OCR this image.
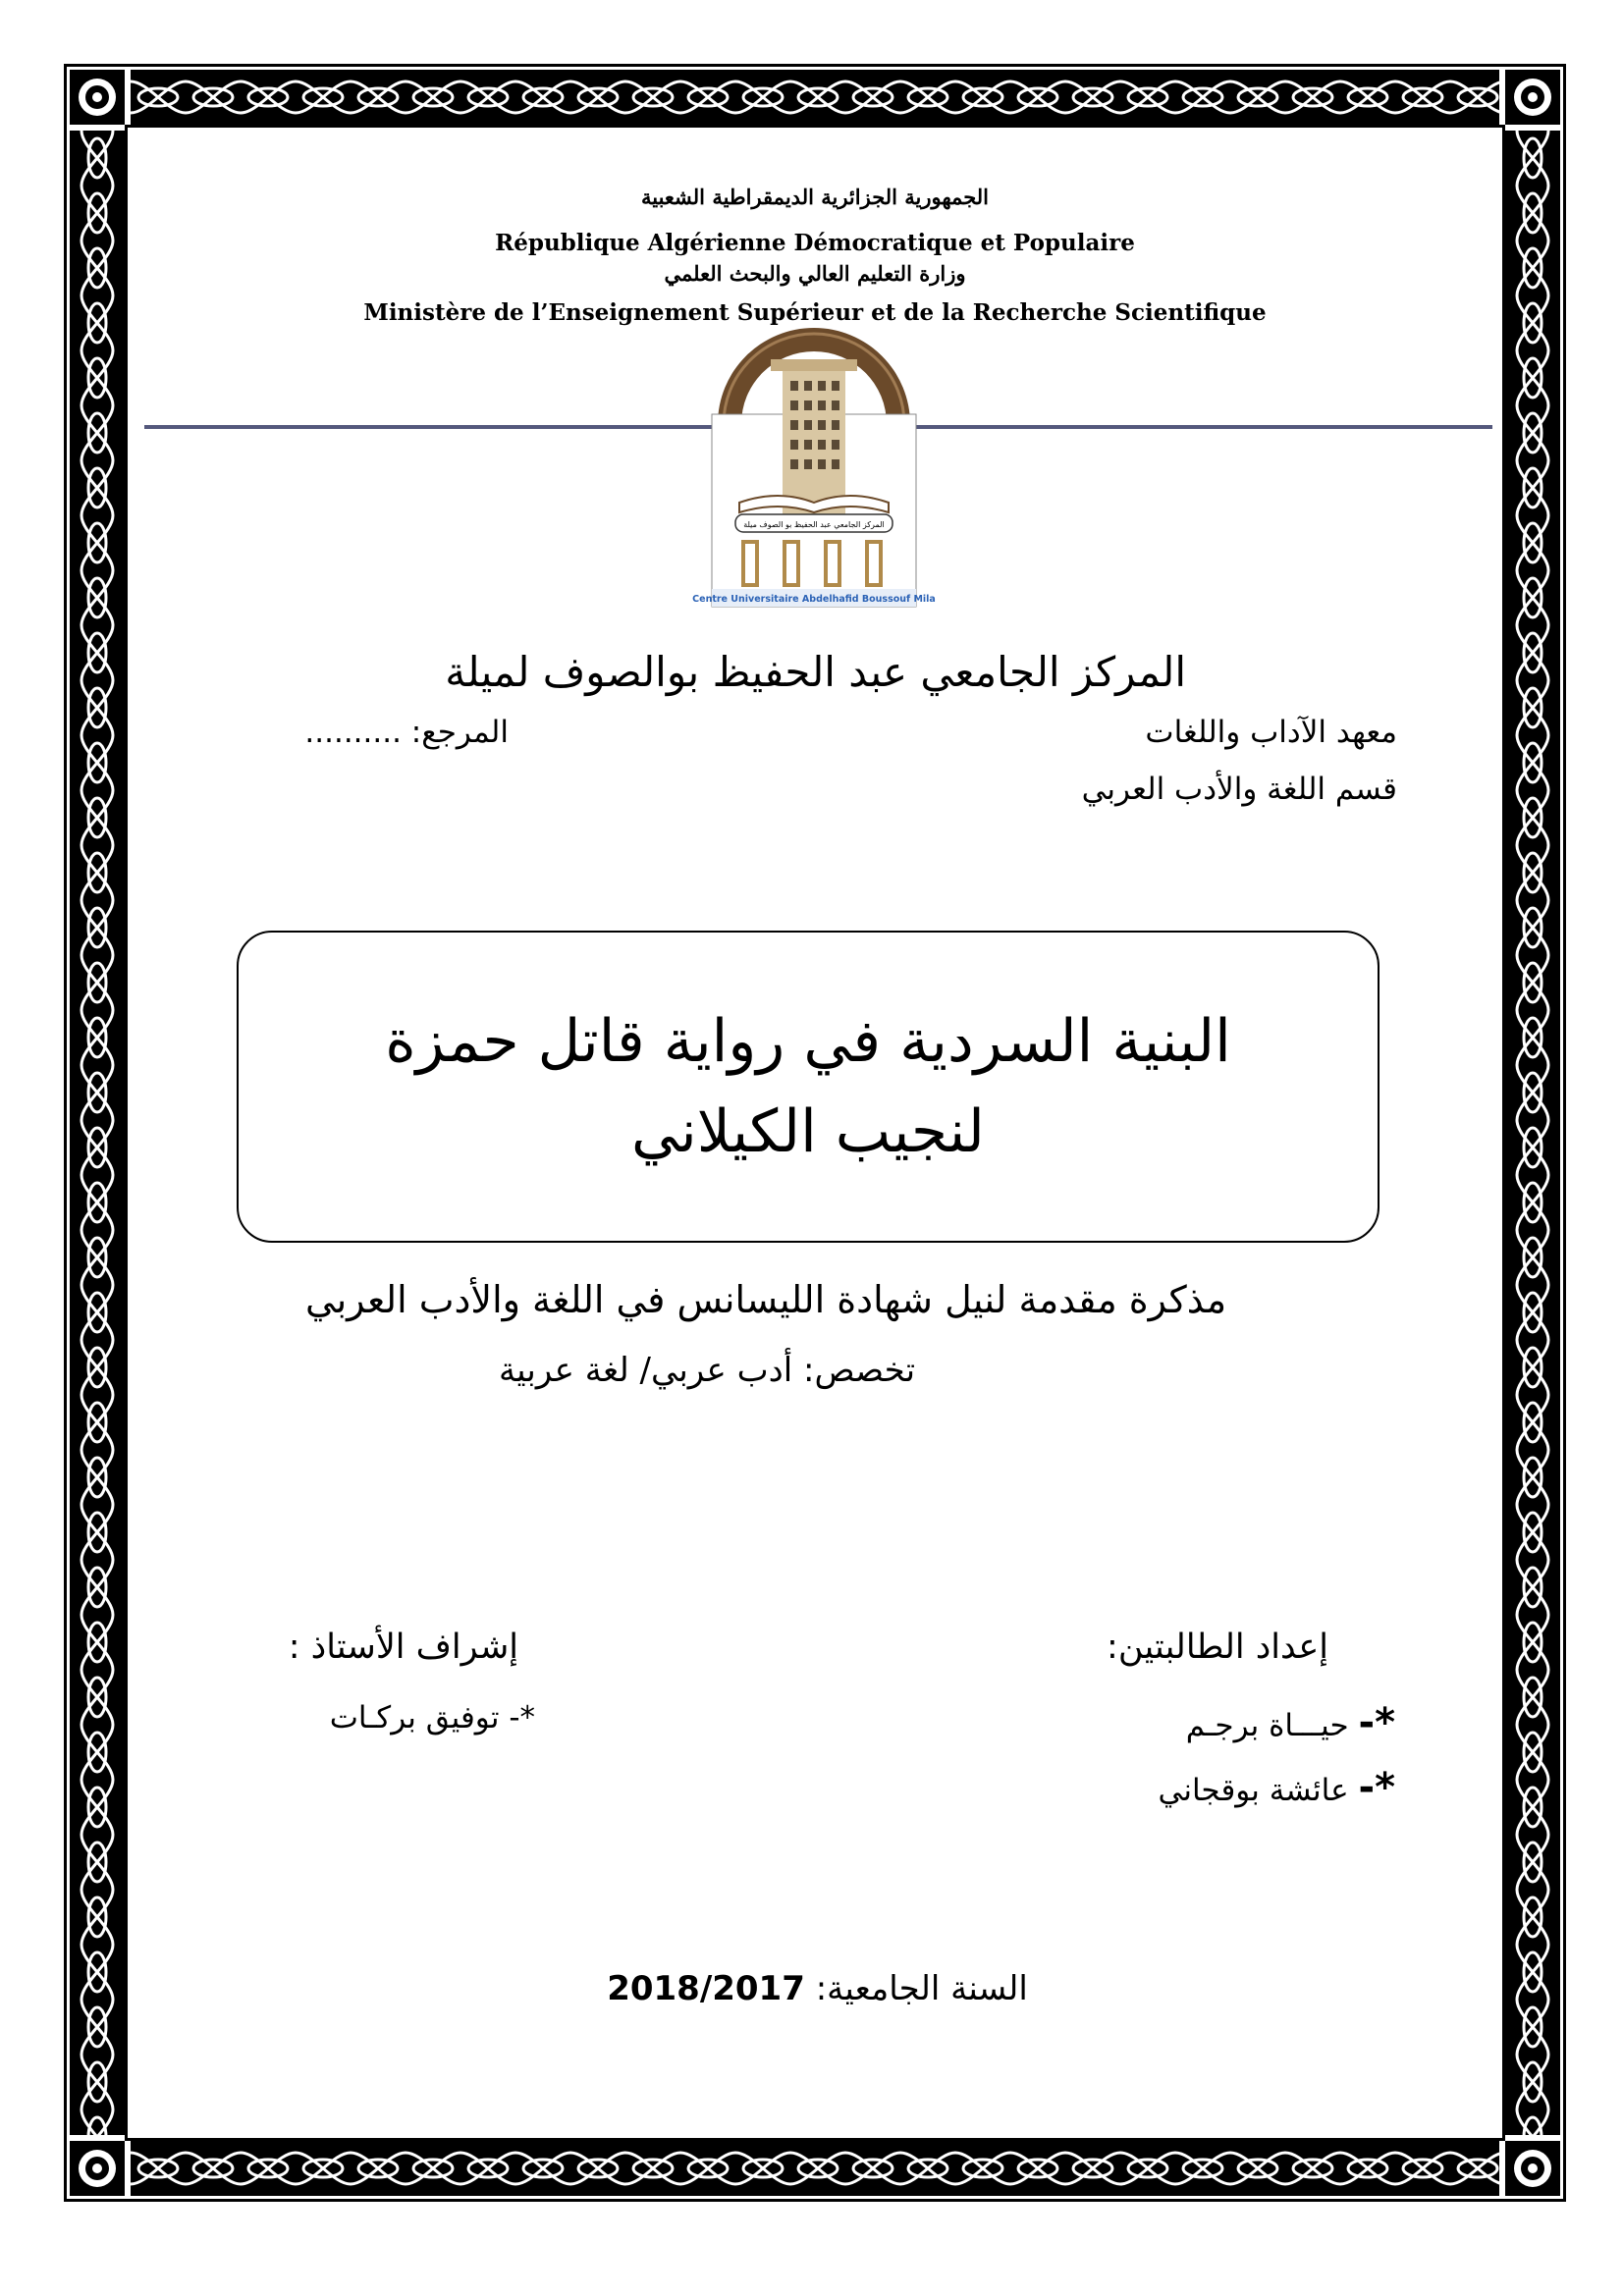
الجمهورية الجزائرية الديمقراطية الشعبية
République Algérienne Démocratique et Populaire
وزارة التعليم العالي والبحث العلمي
Ministère de l’Enseignement Supérieur et de la Recherche Scientifique
المركز الجامعي عبد الحفيظ بو الصوف ميلة
Centre Universitaire Abdelhafid Boussouf Mila
المركز الجامعي عبد الحفيظ بوالصوف لميلة
معهد الآداب واللغات
المرجع: ..........
قسم اللغة والأدب العربي
البنية السردية في رواية قاتل حمزة
لنجيب الكيلاني
مذكرة مقدمة لنيل شهادة الليسانس في اللغة والأدب العربي
تخصص: أدب عربي/ لغة عربية
إعداد الطالبتين:
إشراف الأستاذ :
*- حيـــاة برجـم
*- عائشة بوقجاني
*- توفيق بركـات
السنة الجامعية: 2018/2017
